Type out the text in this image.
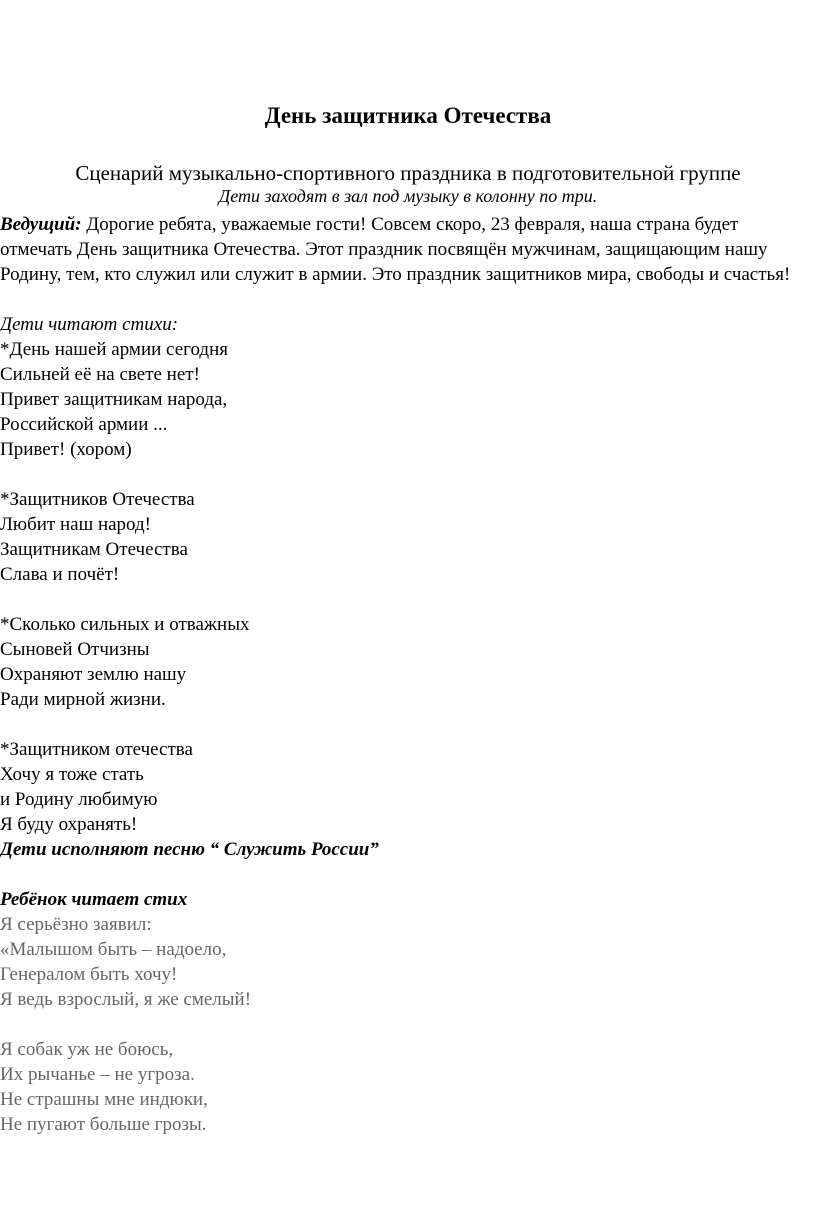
День защитника Отечества

Сценарий музыкально-спортивного праздника в подготовительной группе

Дети заходят в зал под музыку в колонну по три.

Ведущий: Дорогие ребята, уважаемые гости! Совсем скоро, 23 февраля, наша страна будет отмечать День защитника Отечества. Этот праздник посвящён мужчинам, защищающим нашу Родину, тем, кто служил или служит в армии. Это праздник защитников мира, свободы и счастья!

Дети читают стихи:

*День нашей армии сегодня

Сильней её на свете нет!

Привет защитникам народа,

Российской армии ...

Привет! (хором)

*Защитников Отечества

Любит наш народ!

Защитникам Отечества

Слава и почёт!

*Сколько сильных и отважных

Сыновей Отчизны

Охраняют землю нашу

Ради мирной жизни.

*Защитником отечества

Хочу я тоже стать

и Родину любимую

Я буду охранять!

Дети исполняют песню “ Служить России”

Ребёнок читает стих

Я серьёзно заявил:

«Малышом быть – надоело,

Генералом быть хочу!

Я ведь взрослый, я же смелый!

Я собак уж не боюсь,

Их рычанье – не угроза.

Не страшны мне индюки,

Не пугают больше грозы.
